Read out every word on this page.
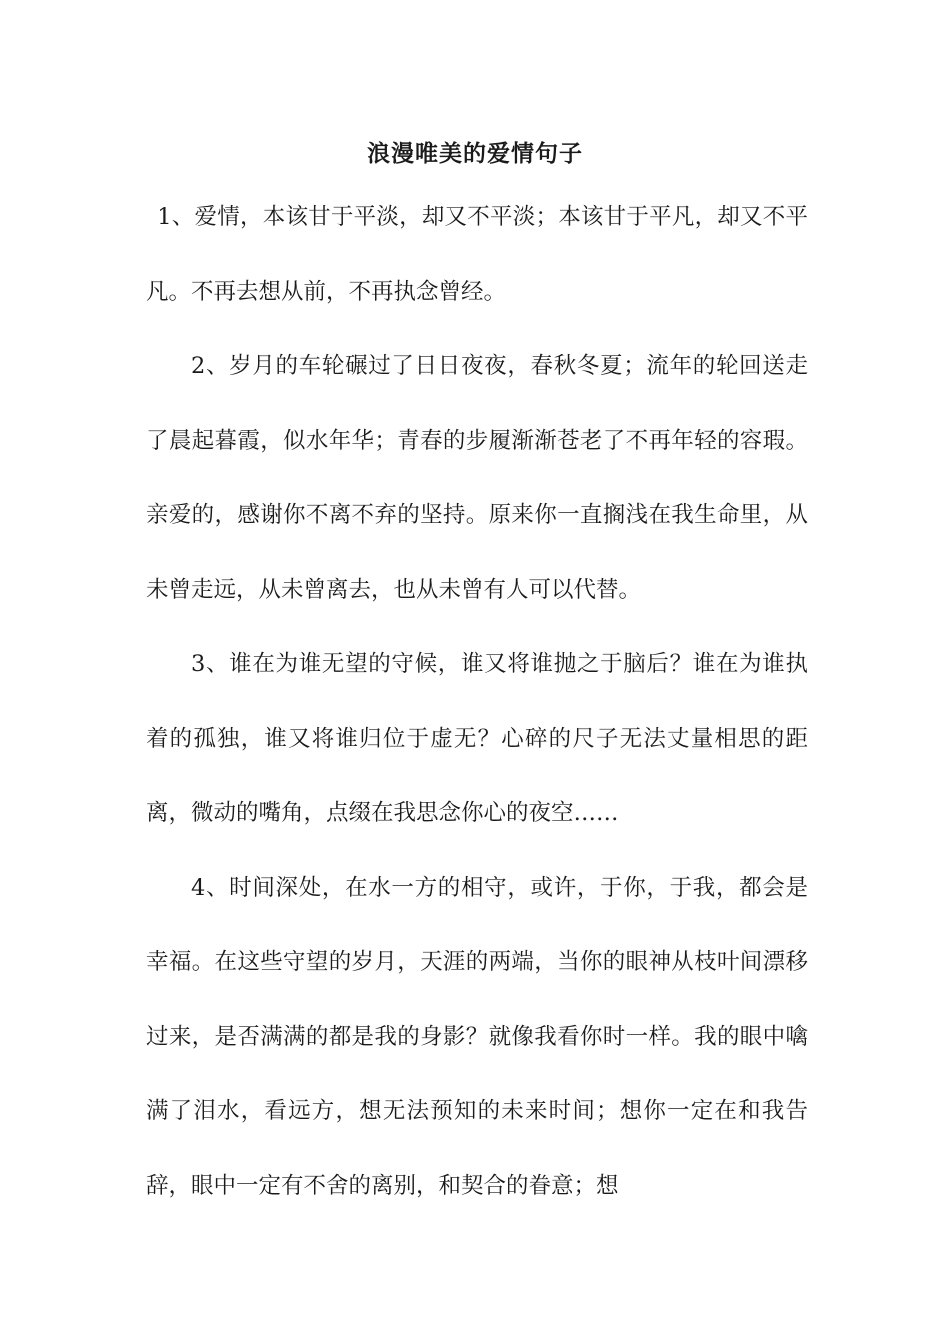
浪漫唯美的爱情句子

1、爱情，本该甘于平淡，却又不平淡；本该甘于平凡，却又不平凡。不再去想从前，不再执念曾经。

2、岁月的车轮碾过了日日夜夜，春秋冬夏；流年的轮回送走了晨起暮霞，似水年华；青春的步履渐渐苍老了不再年轻的容瑕。亲爱的，感谢你不离不弃的坚持。原来你一直搁浅在我生命里，从未曾走远，从未曾离去，也从未曾有人可以代替。

3、谁在为谁无望的守候，谁又将谁抛之于脑后？谁在为谁执着的孤独，谁又将谁归位于虚无？心碎的尺子无法丈量相思的距离，微动的嘴角，点缀在我思念你心的夜空……

4、时间深处，在水一方的相守，或许，于你，于我，都会是幸福。在这些守望的岁月，天涯的两端，当你的眼神从枝叶间漂移过来，是否满满的都是我的身影？就像我看你时一样。我的眼中噙满了泪水，看远方，想无法预知的未来时间；想你一定在和我告辞，眼中一定有不舍的离别，和契合的眷意；想
